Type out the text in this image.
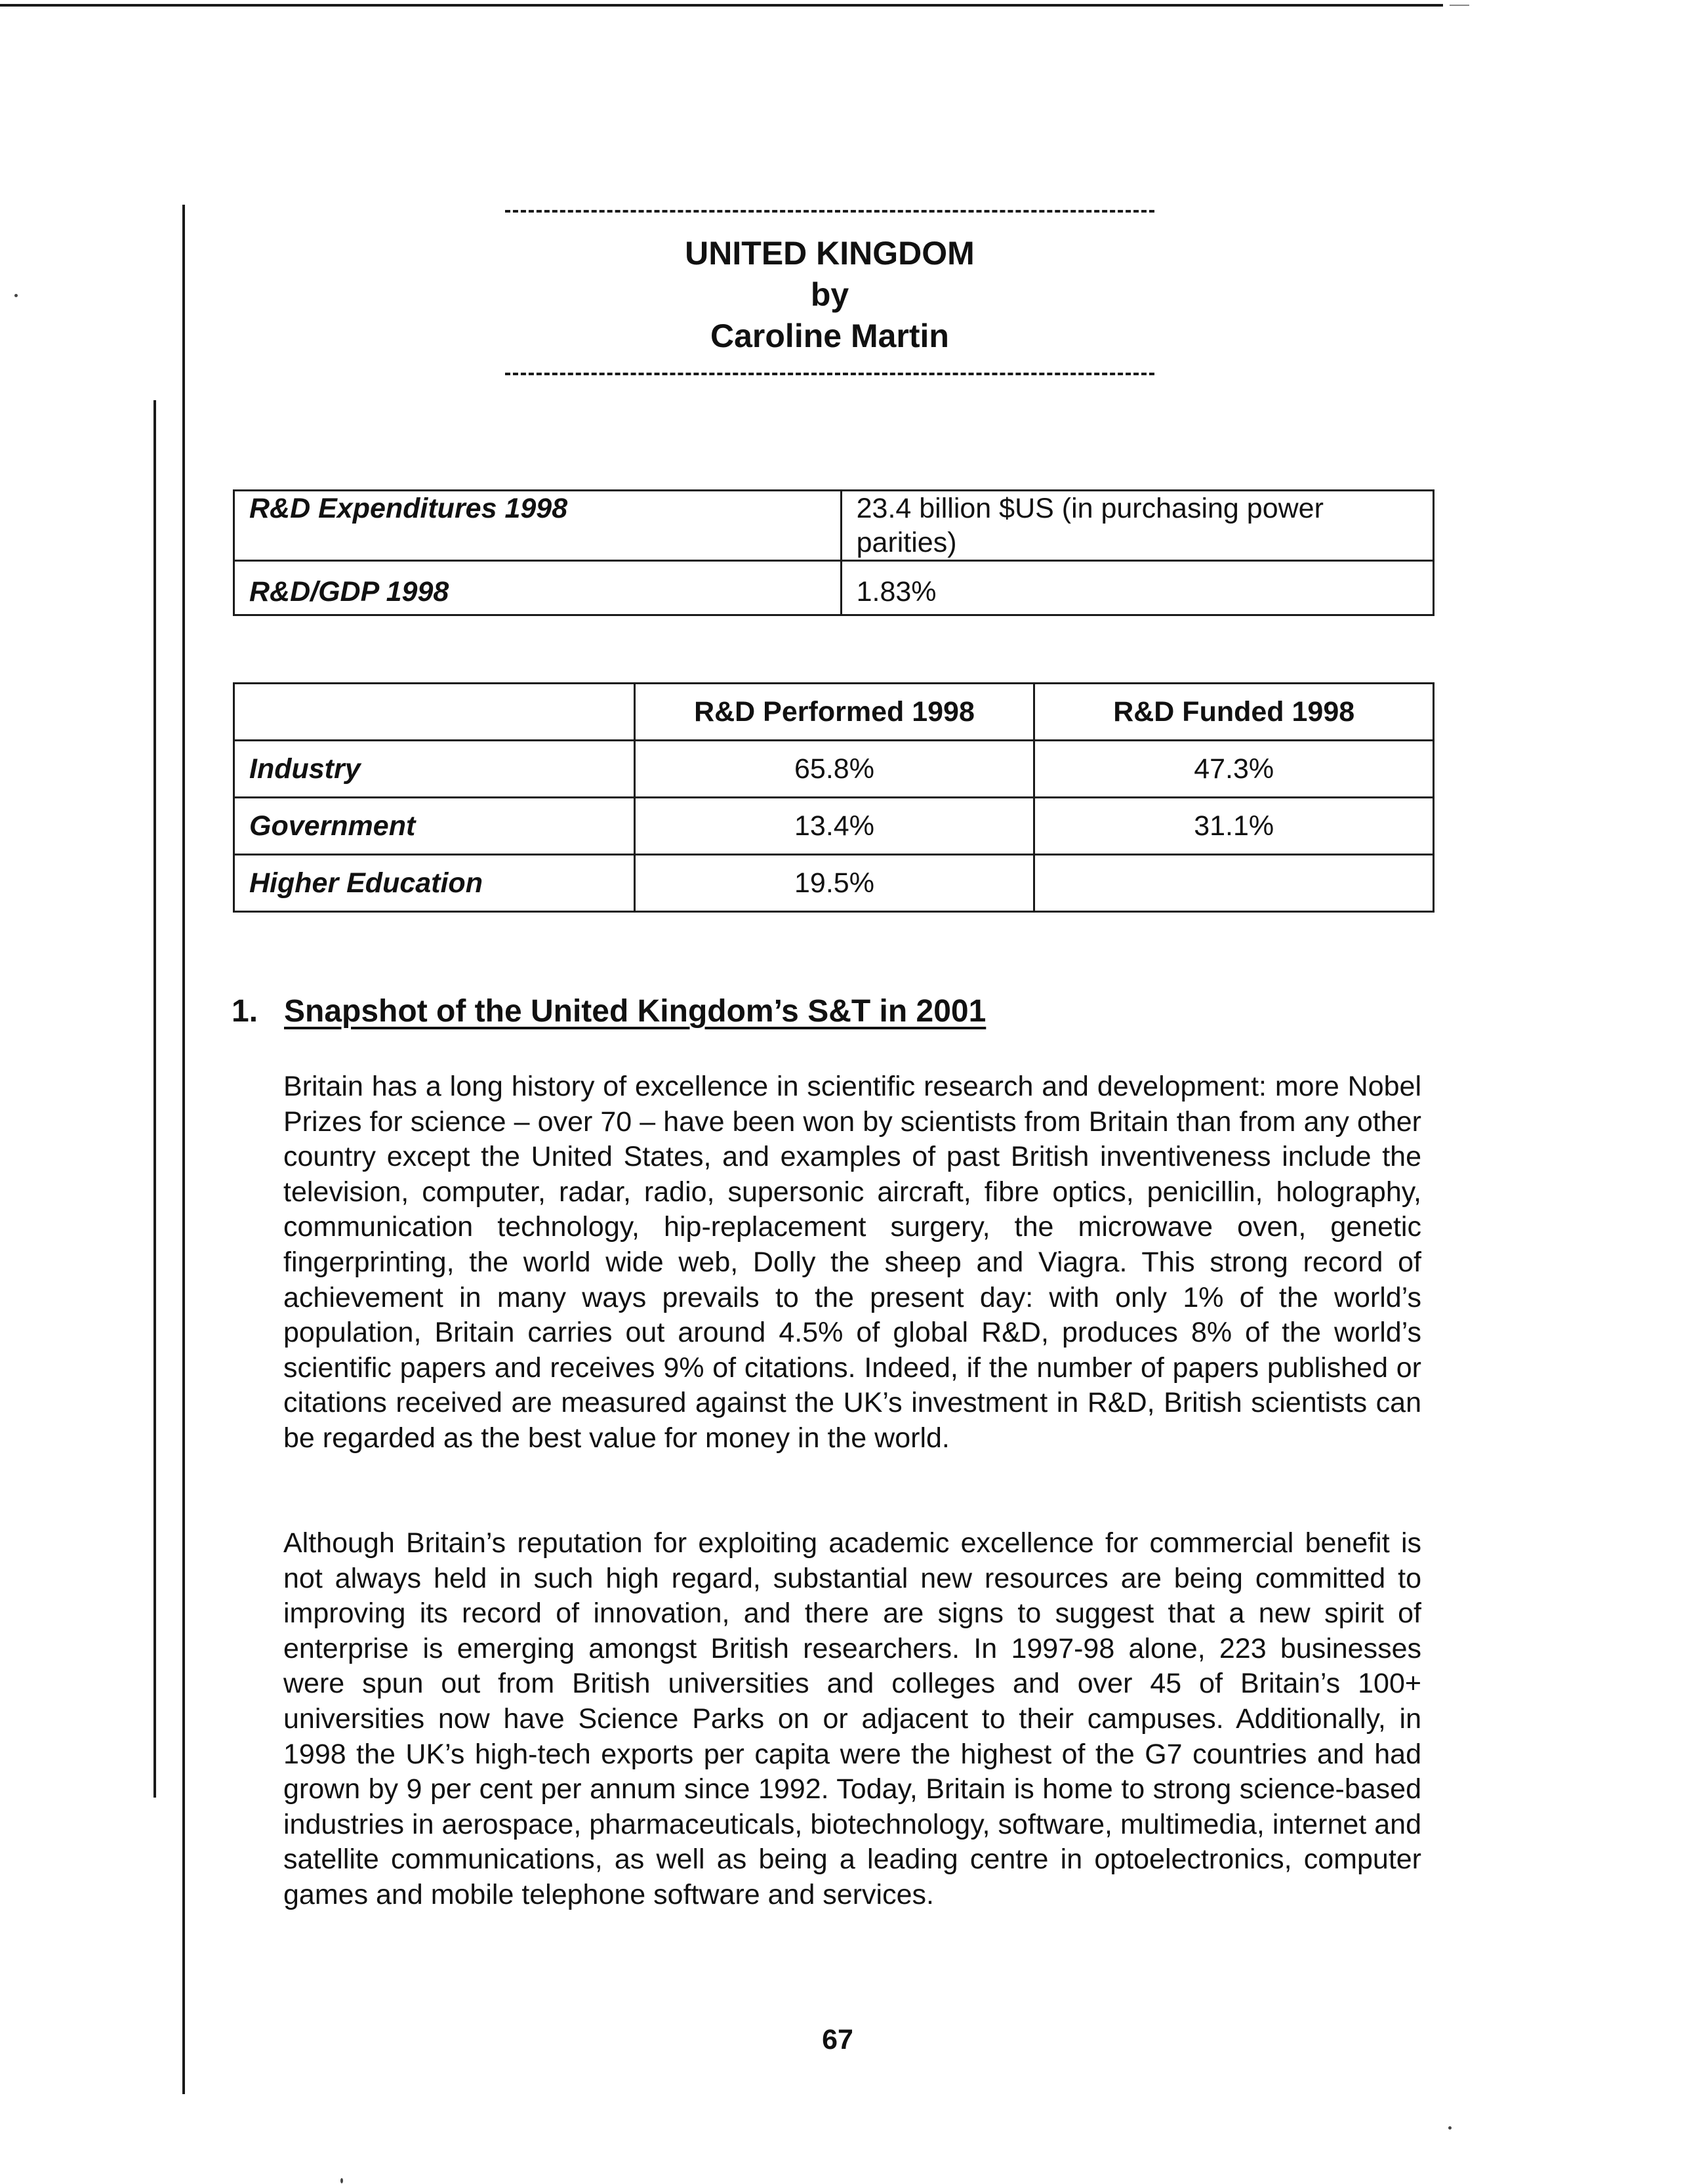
UNITED KINGDOM
by
Caroline Martin
R&D Expenditures 1998	23.4 billion $US (in purchasing power parities)
R&D/GDP 1998	1.83%
	R&D Performed 1998	R&D Funded 1998
Industry	65.8%	47.3%
Government	13.4%	31.1%
Higher Education	19.5%	
1. Snapshot of the United Kingdom’s S&T in 2001

Britain has a long history of excellence in scientific research and development: more Nobel Prizes for science – over 70 – have been won by scientists from Britain than from any other country except the United States, and examples of past British inventiveness include the television, computer, radar, radio, supersonic aircraft, fibre optics, penicillin, holography, communication technology, hip-replacement surgery, the microwave oven, genetic fingerprinting, the world wide web, Dolly the sheep and Viagra. This strong record of achievement in many ways prevails to the present day: with only 1% of the world’s population, Britain carries out around 4.5% of global R&D, produces 8% of the world’s scientific papers and receives 9% of citations. Indeed, if the number of papers published or citations received are measured against the UK’s investment in R&D, British scientists can be regarded as the best value for money in the world.

Although Britain’s reputation for exploiting academic excellence for commercial benefit is not always held in such high regard, substantial new resources are being committed to improving its record of innovation, and there are signs to suggest that a new spirit of enterprise is emerging amongst British researchers. In 1997-98 alone, 223 businesses were spun out from British universities and colleges and over 45 of Britain’s 100+ universities now have Science Parks on or adjacent to their campuses. Additionally, in 1998 the UK’s high-tech exports per capita were the highest of the G7 countries and had grown by 9 per cent per annum since 1992. Today, Britain is home to strong science-based industries in aerospace, pharmaceuticals, biotechnology, software, multimedia, internet and satellite communications, as well as being a leading centre in optoelectronics, computer games and mobile telephone software and services.

67
